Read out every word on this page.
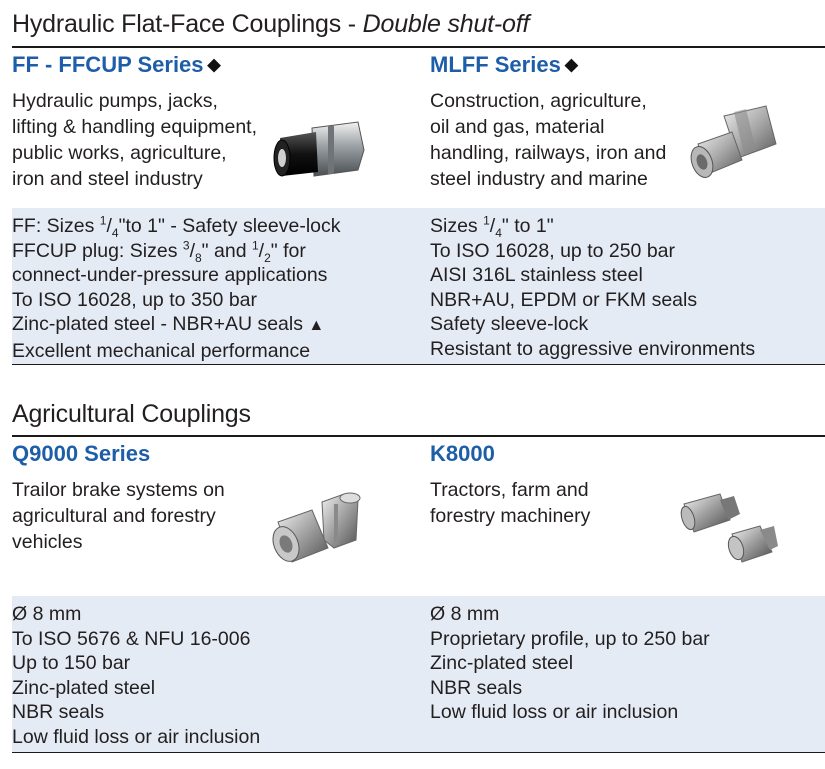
Hydraulic Flat-Face Couplings - Double shut-off
FF - FFCUP Series ◆	MLFF Series ◆
Hydraulic pumps, jacks,
lifting & handling equipment,
public works, agriculture,
iron and steel industry
Construction, agriculture,
oil and gas, material
handling, railways, iron and
steel industry and marine
FF: Sizes $^1/_4"to$ 1" - Safety sleeve-lock
FFCUP plug: Sizes $^3/_8$" and $^1/_2$" for
connect-under-pressure applications
To ISO 16028, up to 350 bar
Zinc-plated steel - NBR+AU seals ▲
Excellent mechanical performance
Sizes $^1/_4$" to 1"
To ISO 16028, up to 250 bar
AISI 316L stainless steel
NBR+AU, EPDM or FKM seals
Safety sleeve-lock
Resistant to aggressive environments
Agricultural Couplings
Q9000 Series	K8000
Trailor brake systems on
agricultural and forestry
vehicles
Tractors, farm and
forestry machinery
Ø 8 mm
To ISO 5676 & NFU 16-006
Up to 150 bar
Zinc-plated steel
NBR seals
Low fluid loss or air inclusion
Ø 8 mm
Proprietary profile, up to 250 bar
Zinc-plated steel
NBR seals
Low fluid loss or air inclusion
